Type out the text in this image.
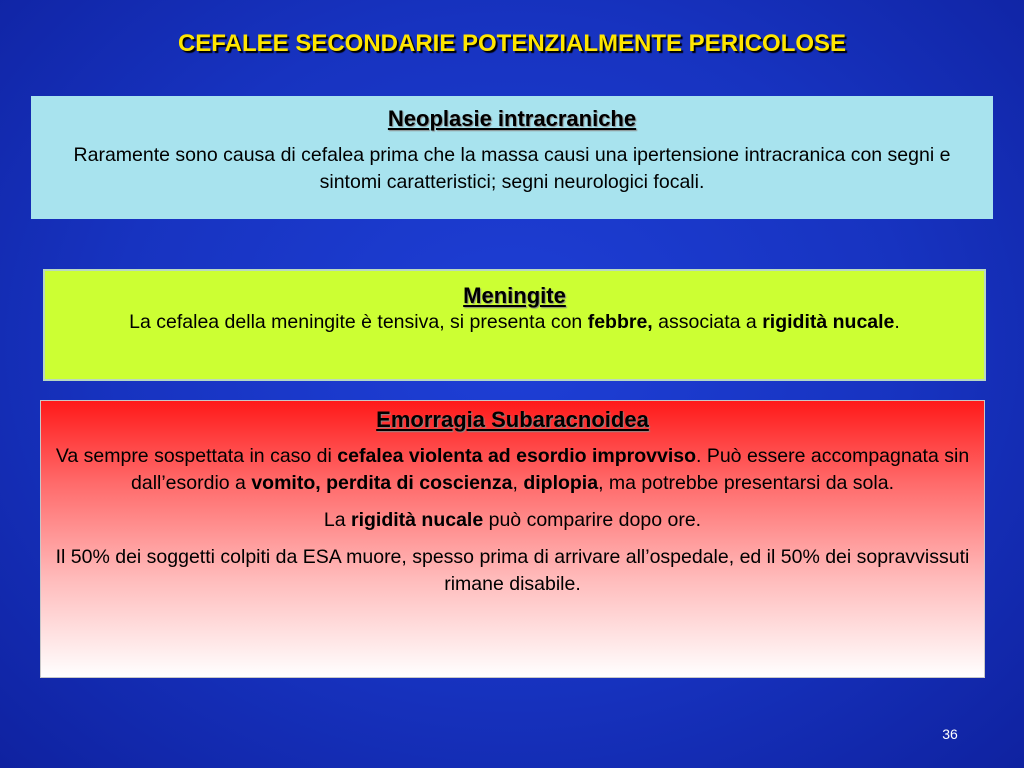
CEFALEE SECONDARIE POTENZIALMENTE PERICOLOSE

Neoplasie intracraniche

Raramente sono causa di cefalea prima che la massa causi una ipertensione intracranica con segni e sintomi caratteristici; segni neurologici focali.

Meningite

La cefalea della meningite è tensiva, si presenta con febbre, associata a rigidità nucale.

Emorragia Subaracnoidea

Va sempre sospettata in caso di cefalea violenta ad esordio improvviso. Può essere accompagnata sin dall’esordio a vomito, perdita di coscienza, diplopia, ma potrebbe presentarsi da sola.

La rigidità nucale può comparire dopo ore.

Il 50% dei soggetti colpiti da ESA muore, spesso prima di arrivare all’ospedale, ed il 50% dei sopravvissuti rimane disabile.

36
